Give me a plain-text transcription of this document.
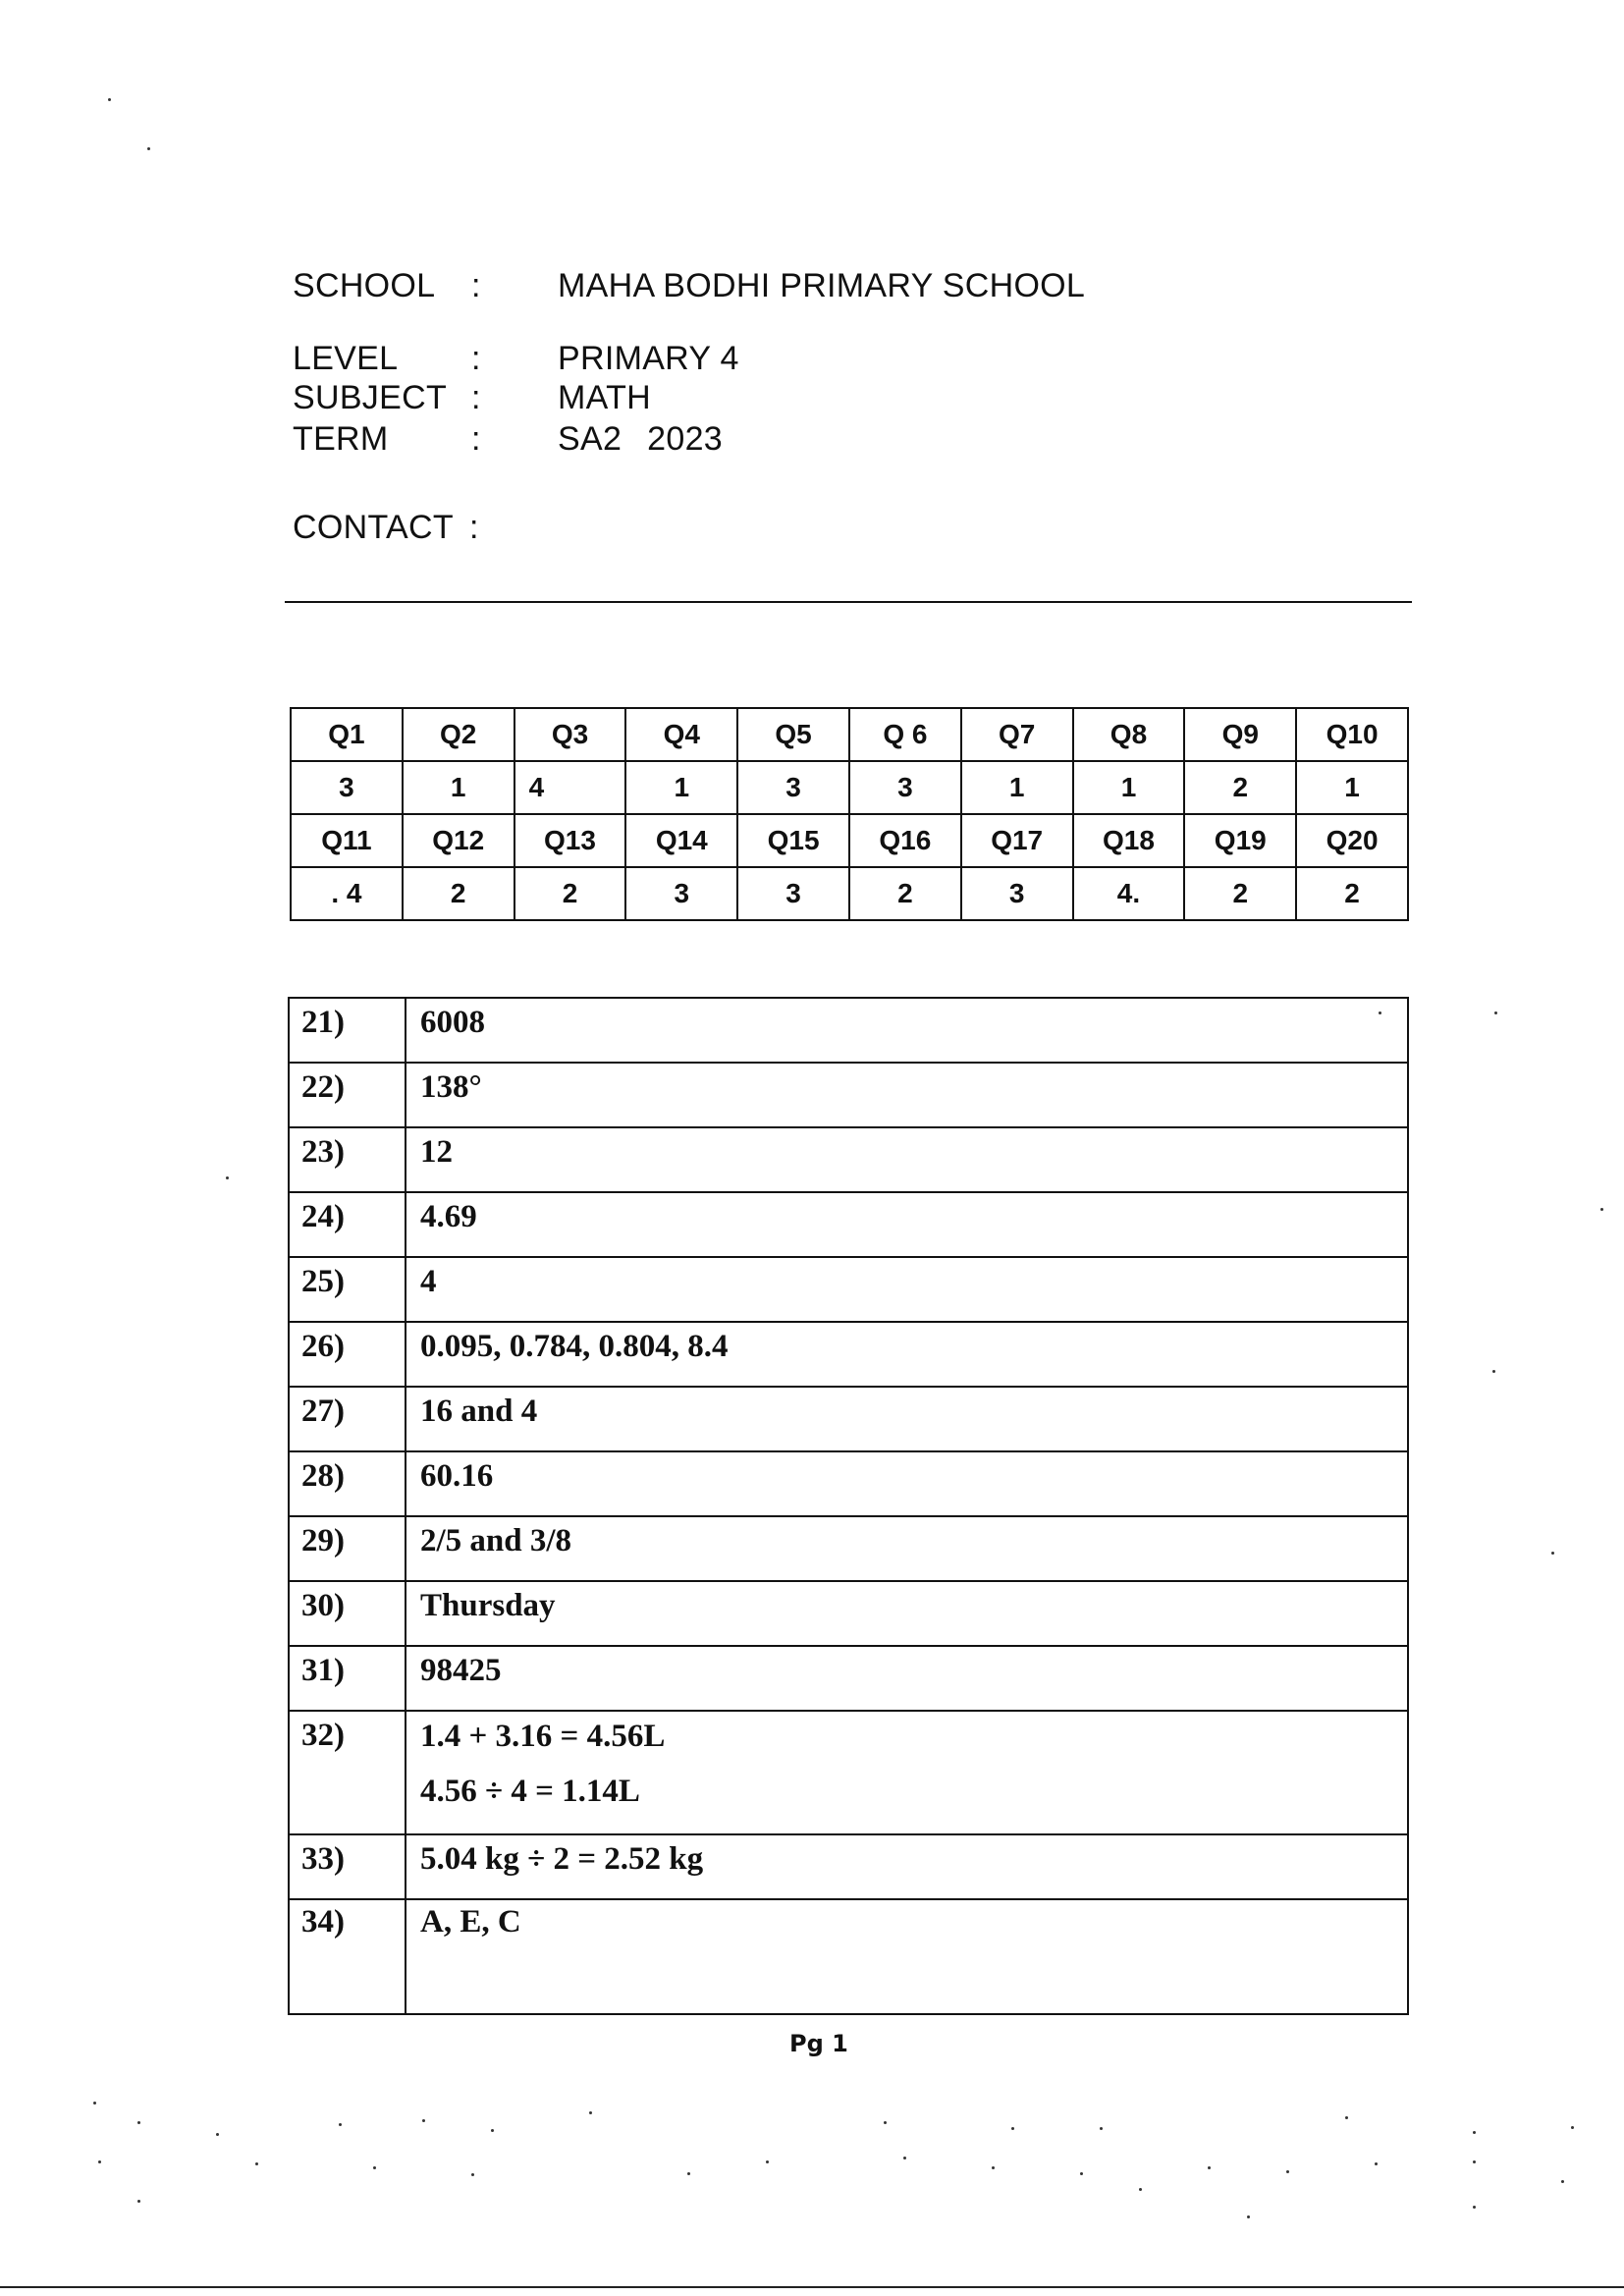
SCHOOL : MAHA BODHI PRIMARY SCHOOL
LEVEL : PRIMARY 4
SUBJECT : MATH
TERM : SA2 2023
CONTACT :
Q1	Q2	Q3	Q4	Q5	Q 6	Q7	Q8	Q9	Q10
3	1	4	1	3	3	1	1	2	1
Q11	Q12	Q13	Q14	Q15	Q16	Q17	Q18	Q19	Q20
. 4	2	2	3	3	2	3	4.	2	2
21)	6008
22)	138°
23)	12
24)	4.69
25)	4
26)	0.095, 0.784, 0.804, 8.4
27)	16 and 4
28)	60.16
29)	2/5 and 3/8
30)	Thursday
31)	98425
32)	1.4 + 3.16 = 4.56L
4.56 ÷ 4 = 1.14L

33)	5.04 kg ÷ 2 = 2.52 kg
34)	A, E, C
Pg 1
